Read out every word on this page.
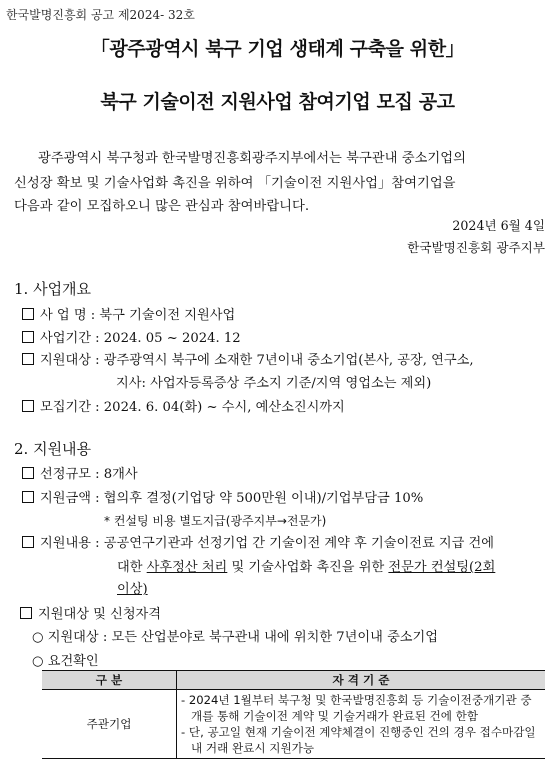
한국발명진흥회 공고 제2024- 32호
「광주광역시 북구 기업 생태계 구축을 위한」
북구 기술이전 지원사업 참여기업 모집 공고
광주광역시 북구청과 한국발명진흥회광주지부에서는 북구관내 중소기업의
신성장 확보 및 기술사업화 촉진을 위하여 「기술이전 지원사업」참여기업을
다음과 같이 모집하오니 많은 관심과 참여바랍니다.
2024년 6월 4일
한국발명진흥회 광주지부
1. 사업개요
사 업 명 : 북구 기술이전 지원사업
사업기간 : 2024. 05 ~ 2024. 12
지원대상 : 광주광역시 북구에 소재한 7년이내 중소기업(본사, 공장, 연구소,
지사: 사업자등록증상 주소지 기준/지역 영업소는 제외)
모집기간 : 2024. 6. 04(화) ~ 수시, 예산소진시까지
2. 지원내용
선정규모 : 8개사
지원금액 : 협의후 결정(기업당 약 500만원 이내)/기업부담금 10%
* 컨설팅 비용 별도지급(광주지부→전문가)
지원내용 : 공공연구기관과 선정기업 간 기술이전 계약 후 기술이전료 지급 건에
대한 사후정산 처리 및 기술사업화 촉진을 위한 전문가 컨설팅(2회
이상)
지원대상 및 신청자격
○ 지원대상 : 모든 산업분야로 북구관내 내에 위치한 7년이내 중소기업
○ 요건확인
구 분	자 격 기 준
주관기업	- 2024년 1월부터 북구청 및 한국발명진흥회 등 기술이전중개기관 중개를 통해 기술이전 계약 및 기술거래가 완료된 건에 한함
- 단, 공고일 현재 기술이전 계약체결이 진행중인 건의 경우 접수마감일 내 거래 완료시 지원가능
